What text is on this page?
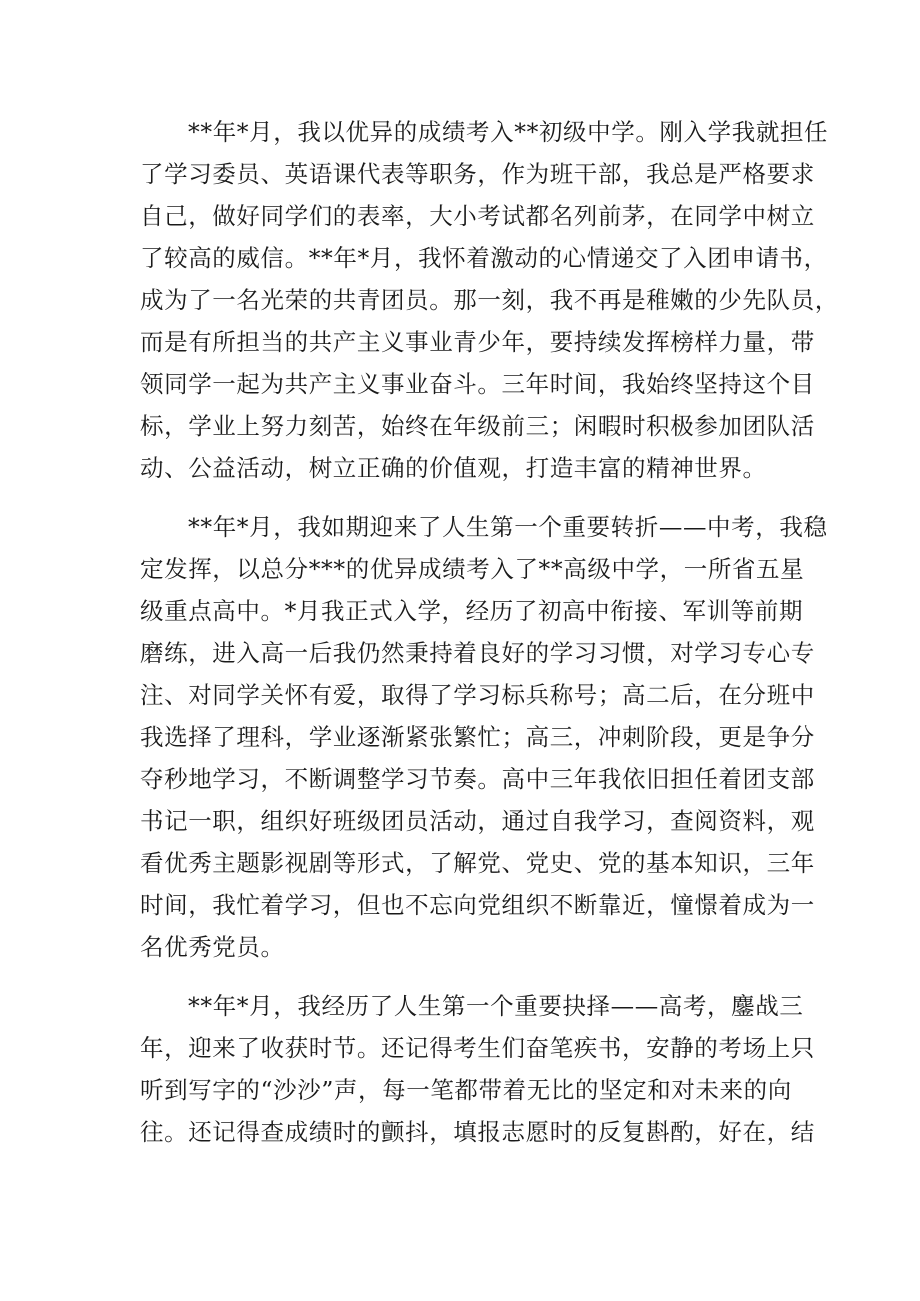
**年*月，我以优异的成绩考入**初级中学。刚入学我就担任
了学习委员、英语课代表等职务，作为班干部，我总是严格要求
自己，做好同学们的表率，大小考试都名列前茅，在同学中树立
了较高的威信。**年*月，我怀着激动的心情递交了入团申请书，
成为了一名光荣的共青团员。那一刻，我不再是稚嫩的少先队员，
而是有所担当的共产主义事业青少年，要持续发挥榜样力量，带
领同学一起为共产主义事业奋斗。三年时间，我始终坚持这个目
标，学业上努力刻苦，始终在年级前三；闲暇时积极参加团队活
动、公益活动，树立正确的价值观，打造丰富的精神世界。

**年*月，我如期迎来了人生第一个重要转折——中考，我稳
定发挥，以总分***的优异成绩考入了**高级中学，一所省五星
级重点高中。*月我正式入学，经历了初高中衔接、军训等前期
磨练，进入高一后我仍然秉持着良好的学习习惯，对学习专心专
注、对同学关怀有爱，取得了学习标兵称号；高二后，在分班中
我选择了理科，学业逐渐紧张繁忙；高三，冲刺阶段，更是争分
夺秒地学习，不断调整学习节奏。高中三年我依旧担任着团支部
书记一职，组织好班级团员活动，通过自我学习，查阅资料，观
看优秀主题影视剧等形式，了解党、党史、党的基本知识，三年
时间，我忙着学习，但也不忘向党组织不断靠近，憧憬着成为一
名优秀党员。

**年*月，我经历了人生第一个重要抉择——高考，鏖战三
年，迎来了收获时节。还记得考生们奋笔疾书，安静的考场上只
听到写字的“沙沙”声，每一笔都带着无比的坚定和对未来的向
往。还记得查成绩时的颤抖，填报志愿时的反复斟酌，好在，结
